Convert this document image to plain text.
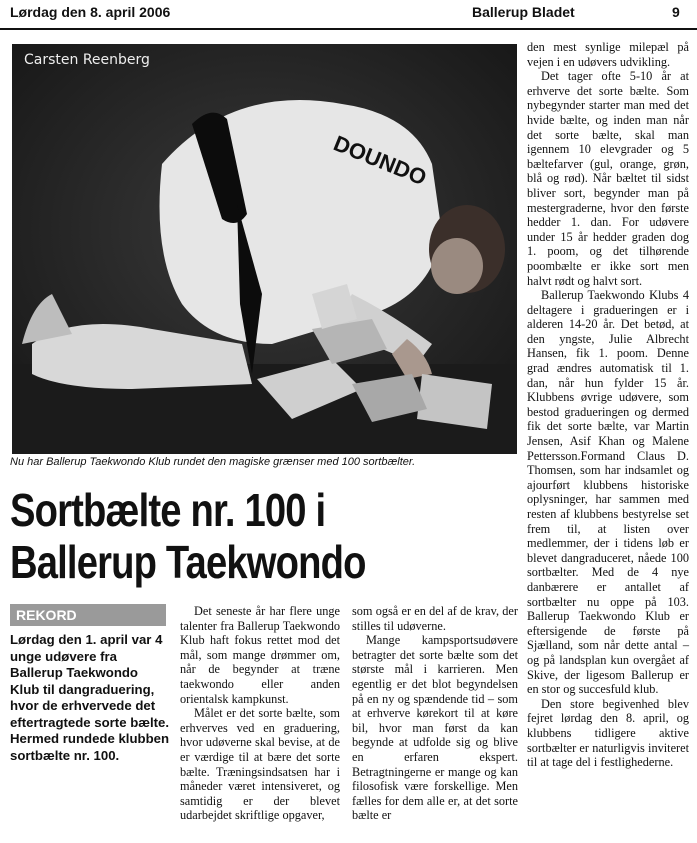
Lørdag den 8. april 2006	Ballerup Bladet	9
DOUNDO
Carsten Reenberg
Nu har Ballerup Taekwondo Klub rundet den magiske grænser med 100 sortbælter.
Sortbælte nr. 100 i
Ballerup Taekwondo
REKORD
Lørdag den 1. april var 4 unge udøvere fra Ballerup Taekwondo Klub til dangraduering, hvor de erhvervede det eftertragtede sorte bælte. Hermed rundede klubben sortbælte nr. 100.

Det seneste år har flere unge talenter fra Ballerup Taekwondo Klub haft fokus rettet mod det mål, som mange drømmer om, når de begynder at træne taekwondo eller anden orientalsk kampkunst.

Målet er det sorte bælte, som erhverves ved en graduering, hvor udøverne skal bevise, at de er værdige til at bære det sorte bælte. Træningsindsatsen har i måneder været intensiveret, og samtidig er der blevet udarbejdet skriftlige opgaver,

som også er en del af de krav, der stilles til udøverne.

Mange kampsportsudøvere betragter det sorte bælte som det største mål i karrieren. Men egentlig er det blot begyndelsen på en ny og spændende tid – som at erhverve kørekort til at køre bil, hvor man først da kan begynde at udfolde sig og blive en erfaren ekspert. Betragtningerne er mange og kan filosofisk være forskellige. Men fælles for dem alle er, at det sorte bælte er

den mest synlige milepæl på vejen i en udøvers udvikling.

Det tager ofte 5-10 år at erhverve det sorte bælte. Som nybegynder starter man med det hvide bælte, og inden man når det sorte bælte, skal man igennem 10 elevgrader og 5 bæltefarver (gul, orange, grøn, blå og rød). Når bæltet til sidst bliver sort, begynder man på mestergraderne, hvor den første hedder 1. dan. For udøvere under 15 år hedder graden dog 1. poom, og det tilhørende poombælte er ikke sort men halvt rødt og halvt sort.

Ballerup Taekwondo Klubs 4 deltagere i gradueringen er i alderen 14-20 år. Det betød, at den yngste, Julie Albrecht Hansen, fik 1. poom. Denne grad ændres automatisk til 1. dan, når hun fylder 15 år. Klubbens øvrige udøvere, som bestod gradueringen og dermed fik det sorte bælte, var Martin Jensen, Asif Khan og Malene Pettersson.Formand Claus D. Thomsen, som har indsamlet og ajourført klubbens historiske oplysninger, har sammen med resten af klubbens bestyrelse set frem til, at listen over medlemmer, der i tidens løb er blevet dangraduceret, nåede 100 sortbælter. Med de 4 nye danbærere er antallet af sortbælter nu oppe på 103. Ballerup Taekwondo Klub er eftersigende de første på Sjælland, som når dette antal – og på landsplan kun overgået af Skive, der ligesom Ballerup er en stor og succesfuld klub.

Den store begivenhed blev fejret lørdag den 8. april, og klubbens tidligere aktive sortbælter er naturligvis inviteret til at tage del i festlighederne.
